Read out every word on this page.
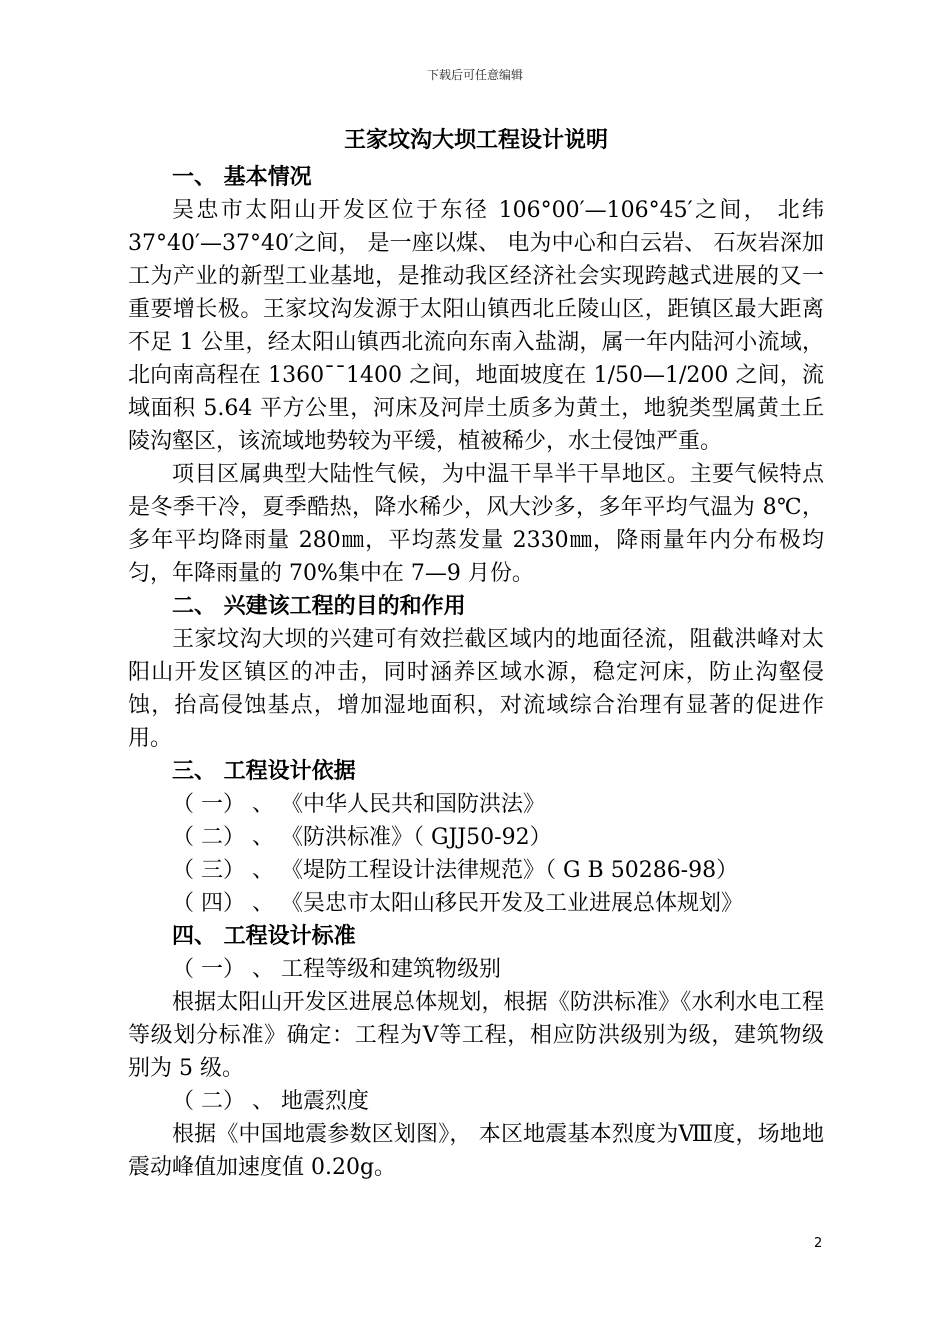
下载后可任意编辑
王家坟沟大坝工程设计说明
一、 基本情况

吴忠市太阳山开发区位于东径 106°00′—106°45′之间， 北纬 37°40′—37°40′之间， 是一座以煤、 电为中心和白云岩、 石灰岩深加工为产业的新型工业基地，是推动我区经济社会实现跨越式进展的又一重要增长极。王家坟沟发源于太阳山镇西北丘陵山区，距镇区最大距离不足 1 公里，经太阳山镇西北流向东南入盐湖，属一年内陆河小流域，北向南高程在 1360¯¯1400 之间，地面坡度在 1/50—1/200 之间，流域面积 5.64 平方公里，河床及河岸土质多为黄土，地貌类型属黄土丘陵沟壑区，该流域地势较为平缓，植被稀少，水土侵蚀严重。

项目区属典型大陆性气候，为中温干旱半干旱地区。主要气候特点是冬季干冷，夏季酷热，降水稀少，风大沙多，多年平均气温为 8℃，多年平均降雨量 280㎜，平均蒸发量 2330㎜，降雨量年内分布极均匀，年降雨量的 70%集中在 7—9 月份。

二、 兴建该工程的目的和作用

王家坟沟大坝的兴建可有效拦截区域内的地面径流，阻截洪峰对太阳山开发区镇区的冲击，同时涵养区域水源，稳定河床，防止沟壑侵蚀，抬高侵蚀基点，增加湿地面积，对流域综合治理有显著的促进作用。

三、 工程设计依据
（ 一） 、 《中华人民共和国防洪法》
（ 二） 、 《防洪标准》（ GJJ50-92）
（ 三） 、 《堤防工程设计法律规范》（ G B 50286-98）
（ 四） 、 《吴忠市太阳山移民开发及工业进展总体规划》
四、 工程设计标准
（ 一） 、 工程等级和建筑物级别

根据太阳山开发区进展总体规划，根据《防洪标准》《水利水电工程等级划分标准》确定：工程为Ⅴ等工程，相应防洪级别为级，建筑物级别为 5 级。

（ 二） 、 地震烈度

根据《中国地震参数区划图》， 本区地震基本烈度为Ⅷ度，场地地震动峰值加速度值 0.20g。

2
